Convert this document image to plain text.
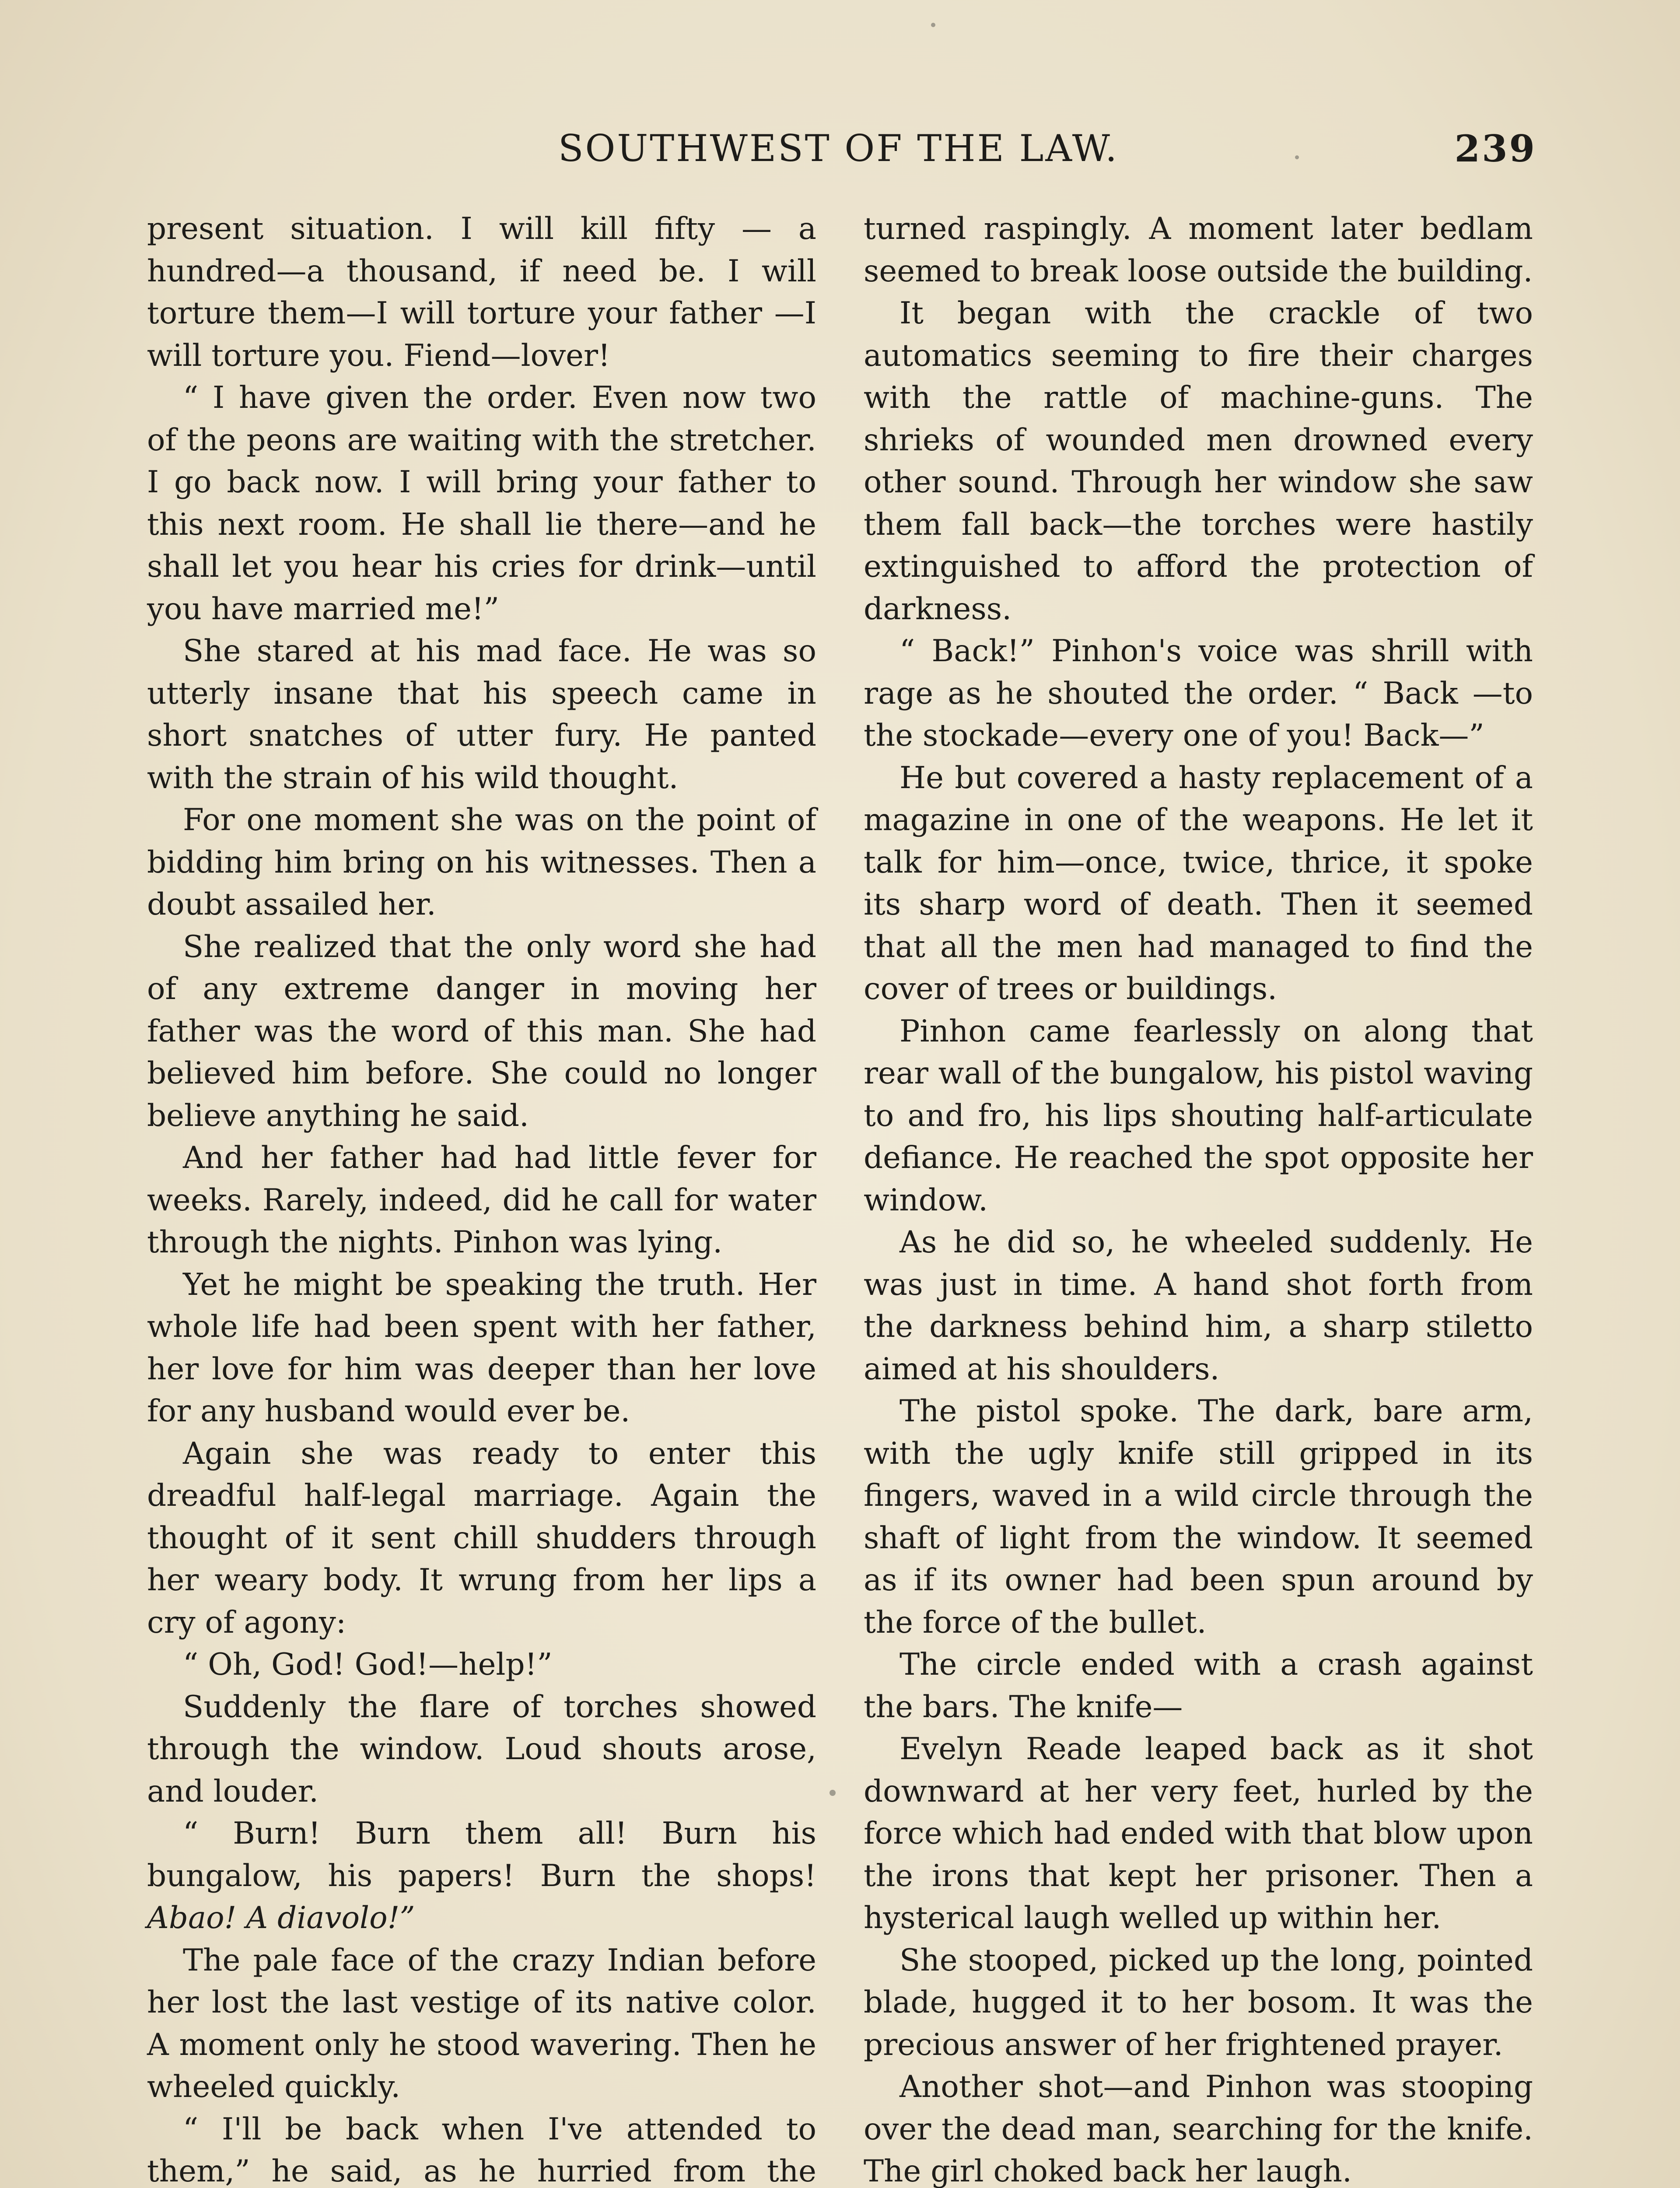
SOUTHWEST OF THE LAW.	239

present situation. I will kill fifty — a hundred—a thousand, if need be. I will torture them—I will torture your father —I will torture you. Fiend—lover!

“ I have given the order. Even now two of the peons are waiting with the stretcher. I go back now. I will bring your father to this next room. He shall lie there—and he shall let you hear his cries for drink—until you have married me!”

She stared at his mad face. He was so utterly insane that his speech came in short snatches of utter fury. He panted with the strain of his wild thought.

For one moment she was on the point of bidding him bring on his witnesses. Then a doubt assailed her.

She realized that the only word she had of any extreme danger in moving her father was the word of this man. She had believed him before. She could no longer believe anything he said.

And her father had had little fever for weeks. Rarely, indeed, did he call for water through the nights. Pinhon was lying.

Yet he might be speaking the truth. Her whole life had been spent with her father, her love for him was deeper than her love for any husband would ever be.

Again she was ready to enter this dreadful half-legal marriage. Again the thought of it sent chill shudders through her weary body. It wrung from her lips a cry of agony:

“ Oh, God! God!—help!”

Suddenly the flare of torches showed through the window. Loud shouts arose, and louder.

“ Burn! Burn them all! Burn his bungalow, his papers! Burn the shops! Abao! A diavolo!”

The pale face of the crazy Indian before her lost the last vestige of its native color. A moment only he stood wavering. Then he wheeled quickly.

“ I'll be back when I've attended to them,” he said, as he hurried from the

turned raspingly. A moment later bedlam seemed to break loose outside the building.

It began with the crackle of two automatics seeming to fire their charges with the rattle of machine-guns. The shrieks of wounded men drowned every other sound. Through her window she saw them fall back—the torches were hastily extinguished to afford the protection of darkness.

“ Back!” Pinhon's voice was shrill with rage as he shouted the order. “ Back —to the stockade—every one of you! Back—”

He but covered a hasty replacement of a magazine in one of the weapons. He let it talk for him—once, twice, thrice, it spoke its sharp word of death. Then it seemed that all the men had managed to find the cover of trees or buildings.

Pinhon came fearlessly on along that rear wall of the bungalow, his pistol waving to and fro, his lips shouting half-articulate defiance. He reached the spot opposite her window.

As he did so, he wheeled suddenly. He was just in time. A hand shot forth from the darkness behind him, a sharp stiletto aimed at his shoulders.

The pistol spoke. The dark, bare arm, with the ugly knife still gripped in its fingers, waved in a wild circle through the shaft of light from the window. It seemed as if its owner had been spun around by the force of the bullet.

The circle ended with a crash against the bars. The knife—

Evelyn Reade leaped back as it shot downward at her very feet, hurled by the force which had ended with that blow upon the irons that kept her prisoner. Then a hysterical laugh welled up within her.

She stooped, picked up the long, pointed blade, hugged it to her bosom. It was the precious answer of her frightened prayer.

Another shot—and Pinhon was stooping over the dead man, searching for the knife. The girl choked back her laugh.
